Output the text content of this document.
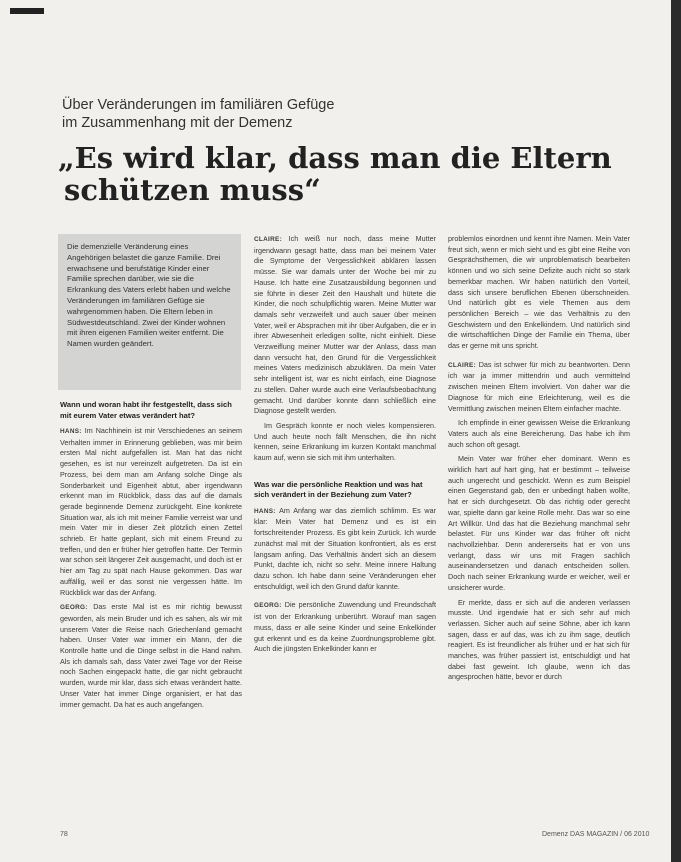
Über Veränderungen im familiären Gefüge
im Zusammenhang mit der Demenz
„Es wird klar, dass man die Eltern
schützen muss“
Die demenzielle Veränderung eines Angehörigen belastet die ganze Familie. Drei erwachsene und berufstätige Kinder einer Familie sprechen darüber, wie sie die Erkrankung des Vaters erlebt haben und welche Veränderungen im familiären Gefüge sie wahrgenommen haben. Die Eltern leben in Südwestdeutschland. Zwei der Kinder wohnen mit ihren eigenen Familien weiter entfernt. Die Namen wurden geändert.
Wann und woran habt ihr festgestellt, dass sich mit eurem Vater etwas verändert hat?

HANS: Im Nachhinein ist mir Verschiedenes an seinem Verhalten immer in Erinnerung geblieben, was mir beim ersten Mal nicht aufgefallen ist. Man hat das nicht gesehen, es ist nur vereinzelt aufgetreten. Da ist ein Prozess, bei dem man am Anfang solche Dinge als Sonderbarkeit und Eigenheit abtut, aber irgendwann erkennt man im Rückblick, dass das auf die damals gerade beginnende Demenz zurückgeht. Eine konkrete Situation war, als ich mit meiner Familie verreist war und mein Vater mir in dieser Zeit plötzlich einen Zettel schrieb. Er hatte geplant, sich mit einem Freund zu treffen, und den er früher hier getroffen hatte. Der Termin war schon seit längerer Zeit ausgemacht, und doch ist er hier am Tag zu spät nach Hause gekommen. Das war auffällig, weil er das sonst nie vergessen hätte. Im Rückblick war das der Anfang.

GEORG: Das erste Mal ist es mir richtig bewusst geworden, als mein Bruder und ich es sahen, als wir mit unserem Vater die Reise nach Griechenland gemacht haben. Unser Vater war immer ein Mann, der die Kontrolle hatte und die Dinge selbst in die Hand nahm. Als ich damals sah, dass Vater zwei Tage vor der Reise noch Sachen eingepackt hatte, die gar nicht gebraucht wurden, wurde mir klar, dass sich etwas verändert hatte. Unser Vater hat immer Dinge organisiert, er hat das immer gemacht. Da hat es auch angefangen.

CLAIRE: Ich weiß nur noch, dass meine Mutter irgendwann gesagt hatte, dass man bei meinem Vater die Symptome der Vergesslichkeit abklären lassen müsse. Sie war damals unter der Woche bei mir zu Hause. Ich hatte eine Zusatzausbildung begonnen und sie führte in dieser Zeit den Haushalt und hütete die Kinder, die noch schulpflichtig waren. Meine Mutter war damals sehr verzweifelt und auch sauer über meinen Vater, weil er Absprachen mit ihr über Aufgaben, die er in ihrer Abwesenheit erledigen sollte, nicht einhielt. Diese Verzweiflung meiner Mutter war der Anlass, dass man dann versucht hat, den Grund für die Vergesslichkeit meines Vaters medizinisch abzuklären. Da mein Vater sehr intelligent ist, war es nicht einfach, eine Diagnose zu stellen. Daher wurde auch eine Verlaufsbeobachtung gemacht. Und darüber konnte dann schließlich eine Diagnose gestellt werden.

Im Gespräch konnte er noch vieles kompensieren. Und auch heute noch fällt Menschen, die ihn nicht kennen, seine Erkrankung im kurzen Kontakt manchmal kaum auf, wenn sie sich mit ihm unterhalten.

Was war die persönliche Reaktion und was hat sich verändert in der Beziehung zum Vater?

HANS: Am Anfang war das ziemlich schlimm. Es war klar: Mein Vater hat Demenz und es ist ein fortschreitender Prozess. Es gibt kein Zurück. Ich wurde zunächst mal mit der Situation konfrontiert, als es erst langsam anfing. Das Verhältnis ändert sich an diesem Punkt, dachte ich, nicht so sehr. Meine innere Haltung dazu schon. Ich habe dann seine Veränderungen eher entschuldigt, weil ich den Grund dafür kannte.

GEORG: Die persönliche Zuwendung und Freundschaft ist von der Erkrankung unberührt. Worauf man sagen muss, dass er alle seine Kinder und seine Enkelkinder gut erkennt und es da keine Zuordnungsprobleme gibt. Auch die jüngsten Enkelkinder kann er

problemlos einordnen und kennt ihre Namen. Mein Vater freut sich, wenn er mich sieht und es gibt eine Reihe von Gesprächsthemen, die wir unproblematisch bearbeiten können und wo sich seine Defizite auch nicht so stark bemerkbar machen. Wir haben natürlich den Vorteil, dass sich unsere beruflichen Ebenen überschneiden. Und natürlich gibt es viele Themen aus dem persönlichen Bereich – wie das Verhältnis zu den Geschwistern und den Enkelkindern. Und natürlich sind die wirtschaftlichen Dinge der Familie ein Thema, über das er gerne mit uns spricht.

CLAIRE: Das ist schwer für mich zu beantworten. Denn ich war ja immer mittendrin und auch vermittelnd zwischen meinen Eltern involviert. Von daher war die Diagnose für mich eine Erleichterung, weil es die Vermittlung zwischen meinen Eltern einfacher machte.

Ich empfinde in einer gewissen Weise die Erkrankung Vaters auch als eine Bereicherung. Das habe ich ihm auch schon oft gesagt.

Mein Vater war früher eher dominant. Wenn es wirklich hart auf hart ging, hat er bestimmt – teilweise auch ungerecht und geschickt. Wenn es zum Beispiel einen Gegenstand gab, den er unbedingt haben wollte, hat er sich durchgesetzt. Ob das richtig oder gerecht war, spielte dann gar keine Rolle mehr. Das war so eine Art Willkür. Und das hat die Beziehung manchmal sehr belastet. Für uns Kinder war das früher oft nicht nachvollziehbar. Denn andererseits hat er von uns verlangt, dass wir uns mit Fragen sachlich auseinandersetzen und danach entscheiden sollen. Doch nach seiner Erkrankung wurde er weicher, weil er unsicherer wurde.

Er merkte, dass er sich auf die anderen verlassen musste. Und irgendwie hat er sich sehr auf mich verlassen. Sicher auch auf seine Söhne, aber ich kann sagen, dass er auf das, was ich zu ihm sage, deutlich reagiert. Es ist freundlicher als früher und er hat sich für manches, was früher passiert ist, entschuldigt und hat dabei fast geweint. Ich glaube, wenn ich das angesprochen hätte, bevor er durch

78	Demenz DAS MAGAZIN / 06 2010
